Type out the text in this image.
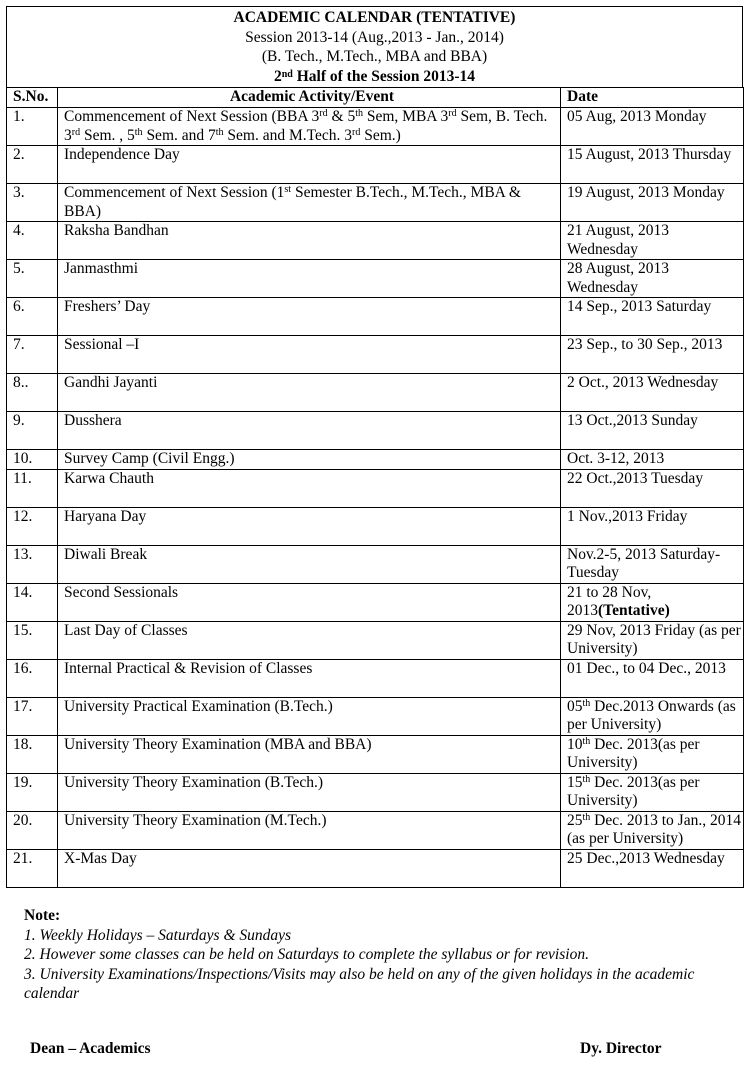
ACADEMIC CALENDAR (TENTATIVE)
Session 2013-14 (Aug.,2013 - Jan., 2014)
(B. Tech., M.Tech., MBA and BBA)
2nd Half of the Session 2013-14
S.No.	Academic Activity/Event	Date
1.	Commencement of Next Session (BBA 3rd & 5th Sem, MBA 3rd Sem, B. Tech. 3rd Sem. , 5th Sem. and 7th Sem. and M.Tech. 3rd Sem.)	05 Aug, 2013 Monday
2.	Independence Day	15 August, 2013 Thursday
3.	Commencement of Next Session (1st Semester B.Tech., M.Tech., MBA & BBA)	19 August, 2013 Monday
4.	Raksha Bandhan	21 August, 2013 Wednesday
5.	Janmasthmi	28 August, 2013 Wednesday
6.	Freshers’ Day	14 Sep., 2013 Saturday
7.	Sessional –I	23 Sep., to 30 Sep., 2013
8..	Gandhi Jayanti	2 Oct., 2013 Wednesday
9.	Dusshera	13 Oct.,2013 Sunday
10.	Survey Camp (Civil Engg.)	Oct. 3-12, 2013
11.	Karwa Chauth	22 Oct.,2013 Tuesday
12.	Haryana Day	1 Nov.,2013 Friday
13.	Diwali Break	Nov.2-5, 2013 Saturday-Tuesday
14.	Second Sessionals	21 to 28 Nov, 2013(Tentative)
15.	Last Day of Classes	29 Nov, 2013 Friday (as per University)
16.	Internal Practical & Revision of Classes	01 Dec., to 04 Dec., 2013
17.	University Practical Examination (B.Tech.)	05th Dec.2013 Onwards (as per University)
18.	University Theory Examination (MBA and BBA)	10th Dec. 2013(as per University)
19.	University Theory Examination (B.Tech.)	15th Dec. 2013(as per University)
20.	University Theory Examination (M.Tech.)	25th Dec. 2013 to Jan., 2014 (as per University)
21.	X-Mas Day	25 Dec.,2013 Wednesday
Note:
1. Weekly Holidays – Saturdays & Sundays
2. However some classes can be held on Saturdays to complete the syllabus or for revision.
3. University Examinations/Inspections/Visits may also be held on any of the given holidays in the academic calendar
Dean – Academics	Dy. Director
